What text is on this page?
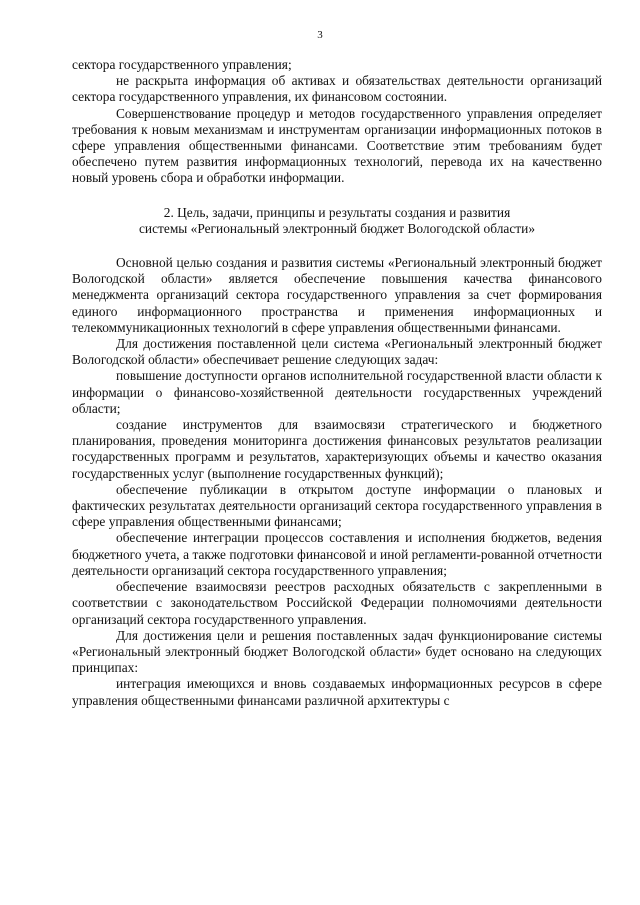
3

сектора государственного управления;

не раскрыта информация об активах и обязательствах деятельности организаций сектора государственного управления, их финансовом состоянии.

Совершенствование процедур и методов государственного управления определяет требования к новым механизмам и инструментам организации информационных потоков в сфере управления общественными финансами. Соответствие этим требованиям будет обеспечено путем развития информационных технологий, перевода их на качественно новый уровень сбора и обработки информации.

2. Цель, задачи, принципы и результаты создания и развития
системы «Региональный электронный бюджет Вологодской области»

Основной целью создания и развития системы «Региональный электронный бюджет Вологодской области» является обеспечение повышения качества финансового менеджмента организаций сектора государственного управления за счет формирования единого информационного пространства и применения информационных и телекоммуникационных технологий в сфере управления общественными финансами.

Для достижения поставленной цели система «Региональный электронный бюджет Вологодской области» обеспечивает решение следующих задач:

повышение доступности органов исполнительной государственной власти области к информации о финансово-хозяйственной деятельности государственных учреждений области;

создание инструментов для взаимосвязи стратегического и бюджетного планирования, проведения мониторинга достижения финансовых результатов реализации государственных программ и результатов, характеризующих объемы и качество оказания государственных услуг (выполнение государственных функций);

обеспечение публикации в открытом доступе информации о плановых и фактических результатах деятельности организаций сектора государственного управления в сфере управления общественными финансами;

обеспечение интеграции процессов составления и исполнения бюджетов, ведения бюджетного учета, а также подготовки финансовой и иной регламенти-рованной отчетности деятельности организаций сектора государственного управления;

обеспечение взаимосвязи реестров расходных обязательств с закрепленными в соответствии с законодательством Российской Федерации полномочиями деятельности организаций сектора государственного управления.

Для достижения цели и решения поставленных задач функционирование системы «Региональный электронный бюджет Вологодской области» будет основано на следующих принципах:

интеграция имеющихся и вновь создаваемых информационных ресурсов в сфере управления общественными финансами различной архитектуры с
